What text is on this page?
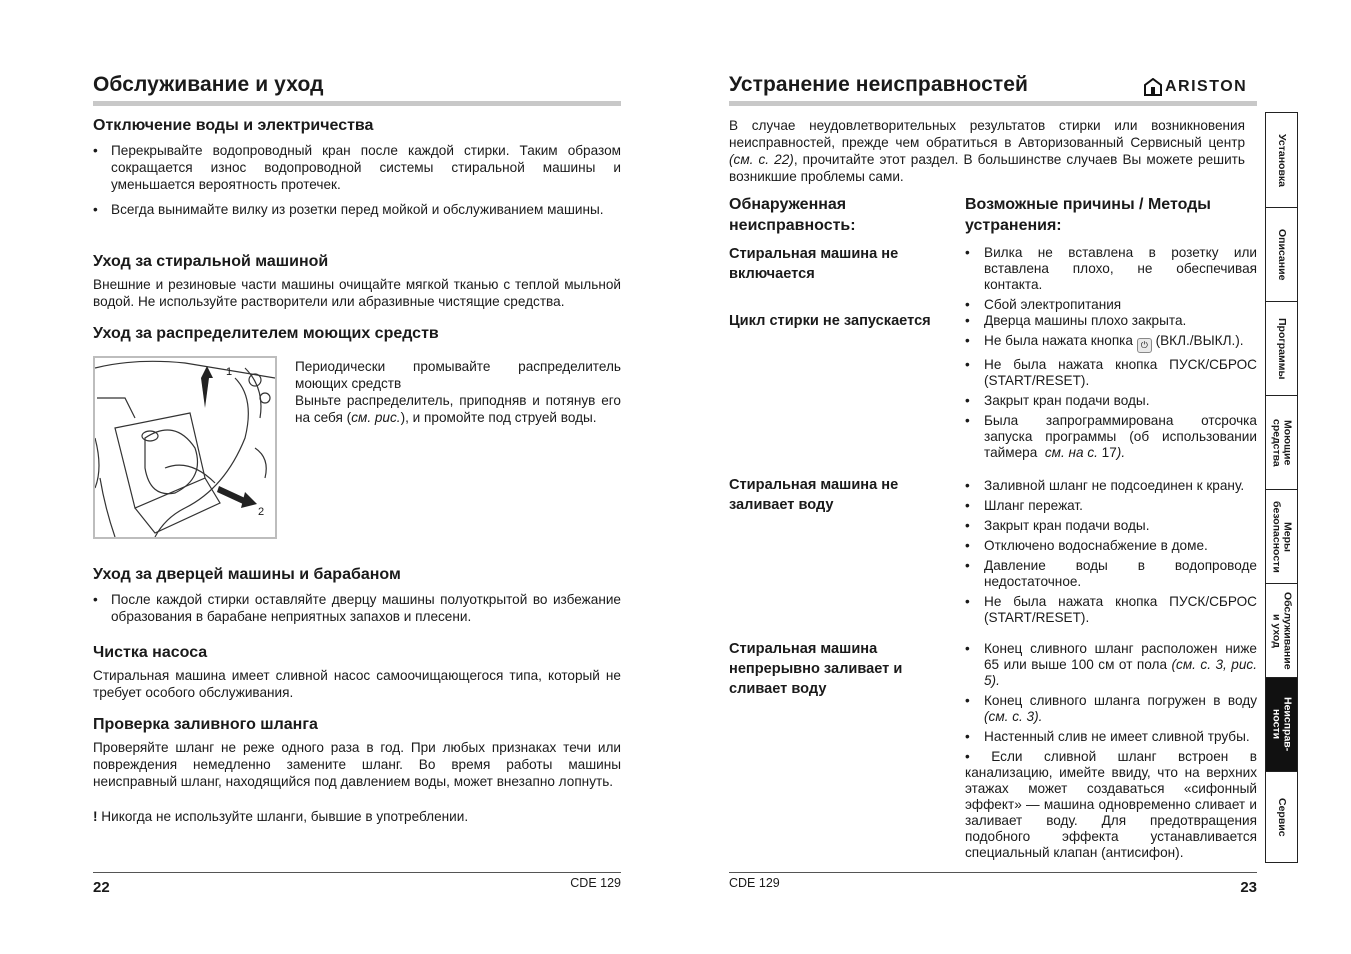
Обслуживание и уход
Отключение воды и электричества
• Перекрывайте водопроводный кран после каждой стирки. Таким образом сокращается износ водопроводной системы стиральной машины и уменьшается вероятность протечек.
• Всегда вынимайте вилку из розетки перед мойкой и обслуживанием машины.
Уход за стиральной машиной
Внешние и резиновые части машины очищайте мягкой тканью с теплой мыльной водой. Не используйте растворители или абразивные чистящие средства.
Уход за распределителем моющих средств
1
2
Периодически промывайте распределитель моющих средств
Выньте распределитель, приподняв и потянув его на себя (см. рис.), и промойте под струей воды.
Уход за дверцей машины и барабаном
• После каждой стирки оставляйте дверцу машины полуоткрытой во избежание образования в барабане неприятных запахов и плесени.
Чистка насоса
Стиральная машина имеет сливной насос самоочищающегося типа, который не требует особого обслуживания.
Проверка заливного шланга
Проверяйте шланг не реже одного раза в год. При любых признаках течи или повреждения немедленно замените шланг. Во время работы машины неисправный шланг, находящийся под давлением воды, может внезапно лопнуть.
! Никогда не используйте шланги, бывшие в употреблении.
22	CDE 129
Устранение неисправностей	ARISTON
В случае неудовлетворительных результатов стирки или возникновения неисправностей, прежде чем обратиться в Авторизованный Сервисный центр (см. с. 22), прочитайте этот раздел. В большинстве случаев Вы можете решить возникшие проблемы сами.
Обнаруженная неисправность:
Возможные причины / Методы устранения:
Стиральная машина не включается
• Вилка не вставлена в розетку или вставлена плохо, не обеспечивая контакта.
• Сбой электропитания
Цикл стирки не запускается
•	Дверца машины плохо закрыта.
• Не была нажата кнопка ⏻ (ВКЛ./ВЫКЛ.).
• Не была нажата кнопка ПУСК/СБРОС (START/RESET).
• Закрыт кран подачи воды.
• Была запрограммирована отсрочка запуска программы (об использовании таймера см. на с. 17).
Стиральная машина не заливает воду
• Заливной шланг не подсоединен к крану.
• Шланг пережат.
• Закрыт кран подачи воды.
• Отключено водоснабжение в доме.
• Давление воды в водопроводе недостаточное.
• Не была нажата кнопка ПУСК/СБРОС (START/RESET).
Стиральная машина непрерывно заливает и сливает воду
• Конец сливного шланг расположен ниже 65 или выше 100 см от пола (см. с. 3, рис. 5).
• Конец сливного шланга погружен в воду (см. с. 3).
• Настенный слив не имеет сливной трубы.
• Если сливной шланг встроен в канализацию, имейте ввиду, что на верхних этажах может создаваться «сифонный эффект» — машина одновременно сливает и заливает воду. Для предотвращения подобного эффекта устанавливается специальный клапан (антисифон).
CDE 129	23
Установка
Описание
Программы
Моющие
средства
Меры
безопасности
Обслуживание
и уход
Неисправ-
ности
Сервис
